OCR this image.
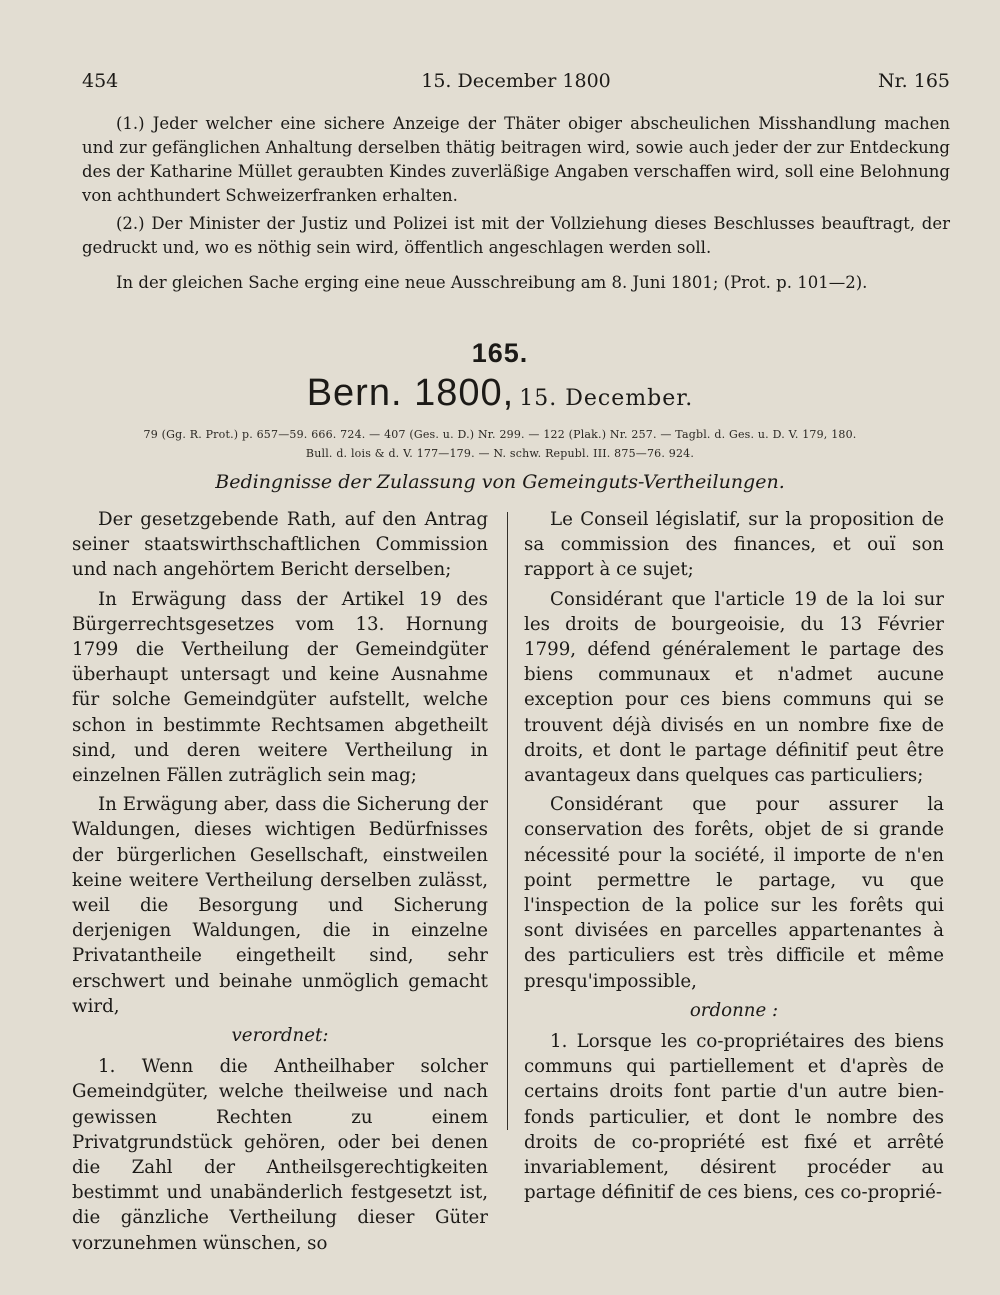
454	15. December 1800	Nr. 165
(1.) Jeder welcher eine sichere Anzeige der Thäter obiger abscheulichen Misshandlung machen und zur gefänglichen Anhaltung derselben thätig beitragen wird, sowie auch jeder der zur Entdeckung des der Katharine Müllet geraubten Kindes zuverläßige Angaben verschaffen wird, soll eine Belohnung von achthundert Schweizerfranken erhalten.
(2.) Der Minister der Justiz und Polizei ist mit der Vollziehung dieses Beschlusses beauftragt, der gedruckt und, wo es nöthig sein wird, öffentlich angeschlagen werden soll.
In der gleichen Sache erging eine neue Ausschreibung am 8. Juni 1801; (Prot. p. 101—2).
165.
Bern. 1800, 15. December.
79 (Gg. R. Prot.) p. 657—59. 666. 724. — 407 (Ges. u. D.) Nr. 299. — 122 (Plak.) Nr. 257. — Tagbl. d. Ges. u. D. V. 179, 180.
Bull. d. lois & d. V. 177—179. — N. schw. Republ. III. 875—76. 924.
Bedingnisse der Zulassung von Gemeinguts-Vertheilungen.

Der gesetzgebende Rath, auf den Antrag seiner staatswirthschaftlichen Commission und nach angehörtem Bericht derselben;

In Erwägung dass der Artikel 19 des Bürgerrechtsgesetzes vom 13. Hornung 1799 die Vertheilung der Gemeindgüter überhaupt untersagt und keine Ausnahme für solche Gemeindgüter aufstellt, welche schon in bestimmte Rechtsamen abgetheilt sind, und deren weitere Vertheilung in einzelnen Fällen zuträglich sein mag;

In Erwägung aber, dass die Sicherung der Waldungen, dieses wichtigen Bedürfnisses der bürgerlichen Gesellschaft, einstweilen keine weitere Vertheilung derselben zulässt, weil die Besorgung und Sicherung derjenigen Waldungen, die in einzelne Privatantheile eingetheilt sind, sehr erschwert und beinahe unmöglich gemacht wird,

verordnet:

1. Wenn die Antheilhaber solcher Gemeindgüter, welche theilweise und nach gewissen Rechten zu einem Privatgrundstück gehören, oder bei denen die Zahl der Antheilsgerechtigkeiten bestimmt und unabänderlich festgesetzt ist, die gänzliche Vertheilung dieser Güter vorzunehmen wünschen, so

Le Conseil législatif, sur la proposition de sa commission des finances, et ouï son rapport à ce sujet;

Considérant que l'article 19 de la loi sur les droits de bourgeoisie, du 13 Février 1799, défend généralement le partage des biens communaux et n'admet aucune exception pour ces biens communs qui se trouvent déjà divisés en un nombre fixe de droits, et dont le partage définitif peut être avantageux dans quelques cas particuliers;

Considérant que pour assurer la conservation des forêts, objet de si grande nécessité pour la société, il importe de n'en point permettre le partage, vu que l'inspection de la police sur les forêts qui sont divisées en parcelles appartenantes à des particuliers est très difficile et même presqu'impossible,

ordonne :

1. Lorsque les co-propriétaires des biens communs qui partiellement et d'après de certains droits font partie d'un autre bien-fonds particulier, et dont le nombre des droits de co-propriété est fixé et arrêté invariablement, désirent procéder au partage définitif de ces biens, ces co-proprié-
